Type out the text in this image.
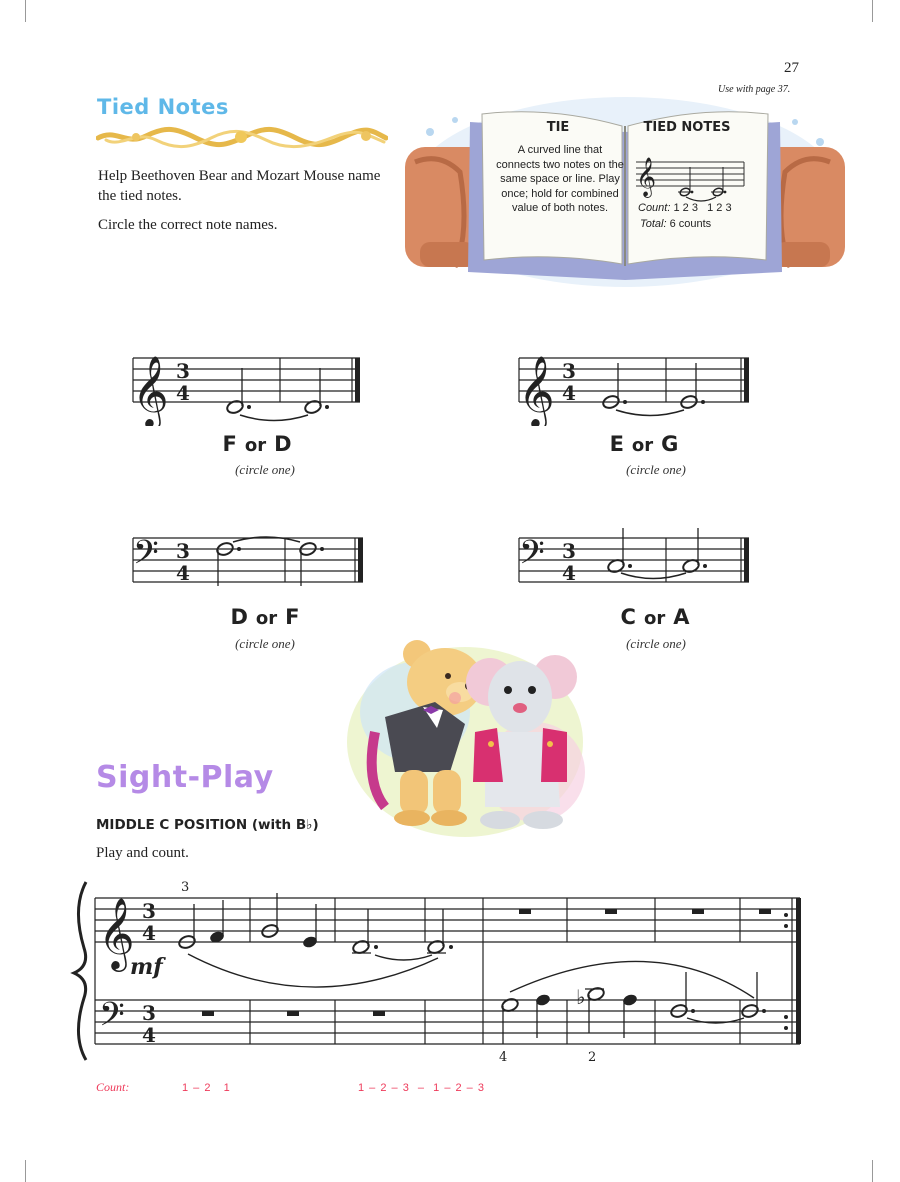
27
Use with page 37.
Tied Notes
Help Beethoven Bear and Mozart Mouse name the tied notes.
Circle the correct note names.
𝄞
TIE
A curved line that connects two notes on the same space or line. Play once; hold for combined value of both notes.
TIED NOTES
Count: 1 2 3   1 2 3
Total: 6 counts
𝄞 3
4
F or D
(circle one)
𝄞 3
4
E or G
(circle one)
𝄢 3
4
D or F
(circle one)
𝄢 3
4
C or A
(circle one)
Sight-Play
MIDDLE C POSITION (with B♭)
Play and count.
𝄞
𝄢
3
4
3
4
3
mf
♭
4	2
Count:	1 – 2   1	1 – 2 – 3  –  1 – 2 – 3
